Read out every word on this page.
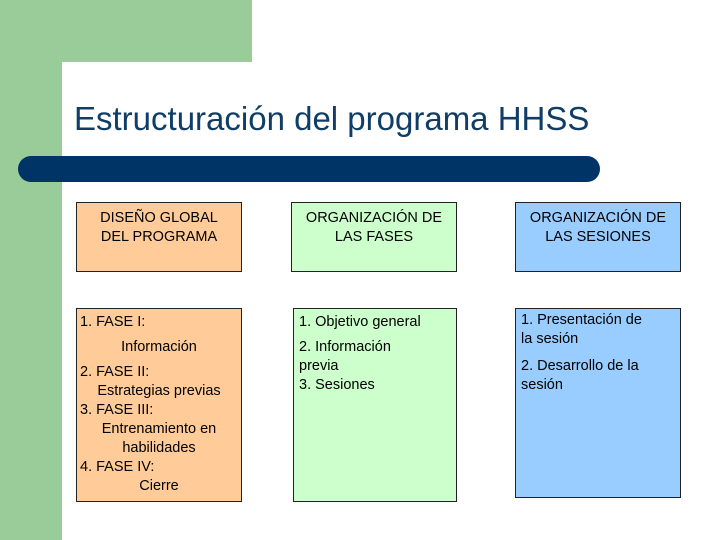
Estructuración del programa HHSS
DISEÑO GLOBAL
DEL PROGRAMA
ORGANIZACIÓN DE
LAS FASES
ORGANIZACIÓN DE
LAS SESIONES
1. FASE I:
Información
2. FASE II:
Estrategias previas
3. FASE III:
Entrenamiento en
habilidades
4. FASE IV:
Cierre
1. Objetivo general
2. Información
previa
3. Sesiones
1. Presentación de
la sesión
2. Desarrollo de la
sesión
